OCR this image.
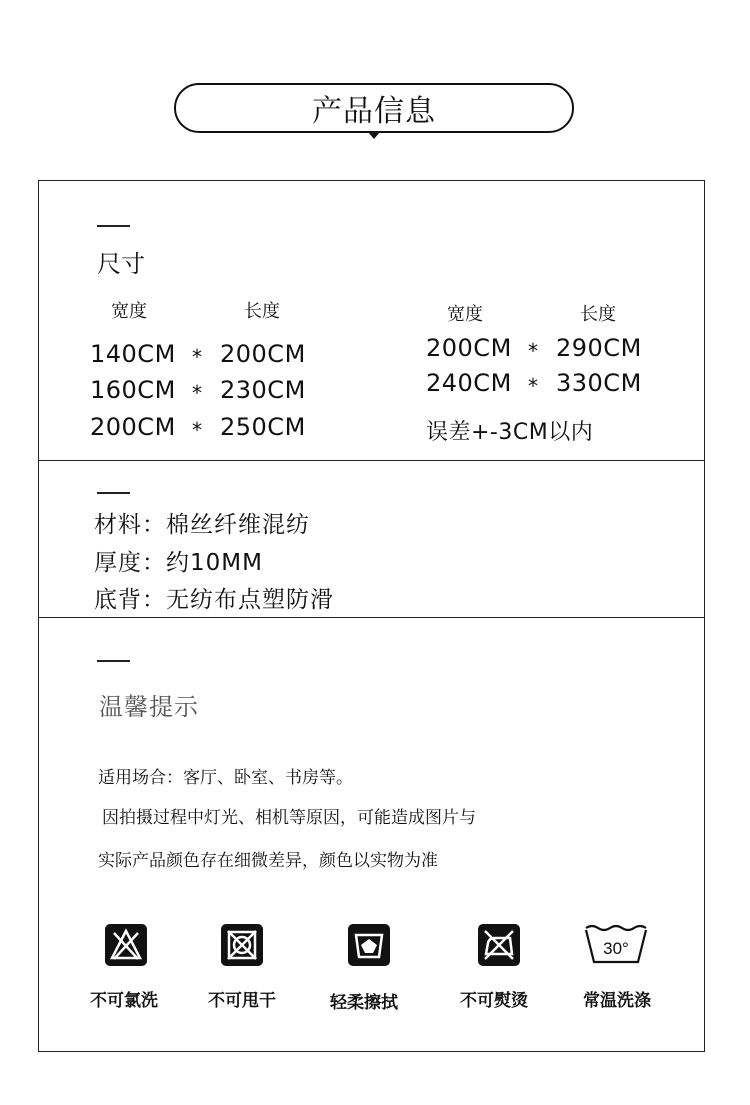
产品信息
尺寸
宽度	长度
140CM * 200CM
160CM * 230CM
200CM * 250CM
宽度	长度
200CM * 290CM
240CM * 330CM
误差+-3CM以内
材料：棉丝纤维混纺
厚度：约10MM
底背：无纺布点塑防滑
温馨提示
适用场合：客厅、卧室、书房等。
因拍摄过程中灯光、相机等原因，可能造成图片与
实际产品颜色存在细微差异，颜色以实物为准
不可氯洗	不可甩干	轻柔擦拭	不可熨烫
30°
常温洗涤
